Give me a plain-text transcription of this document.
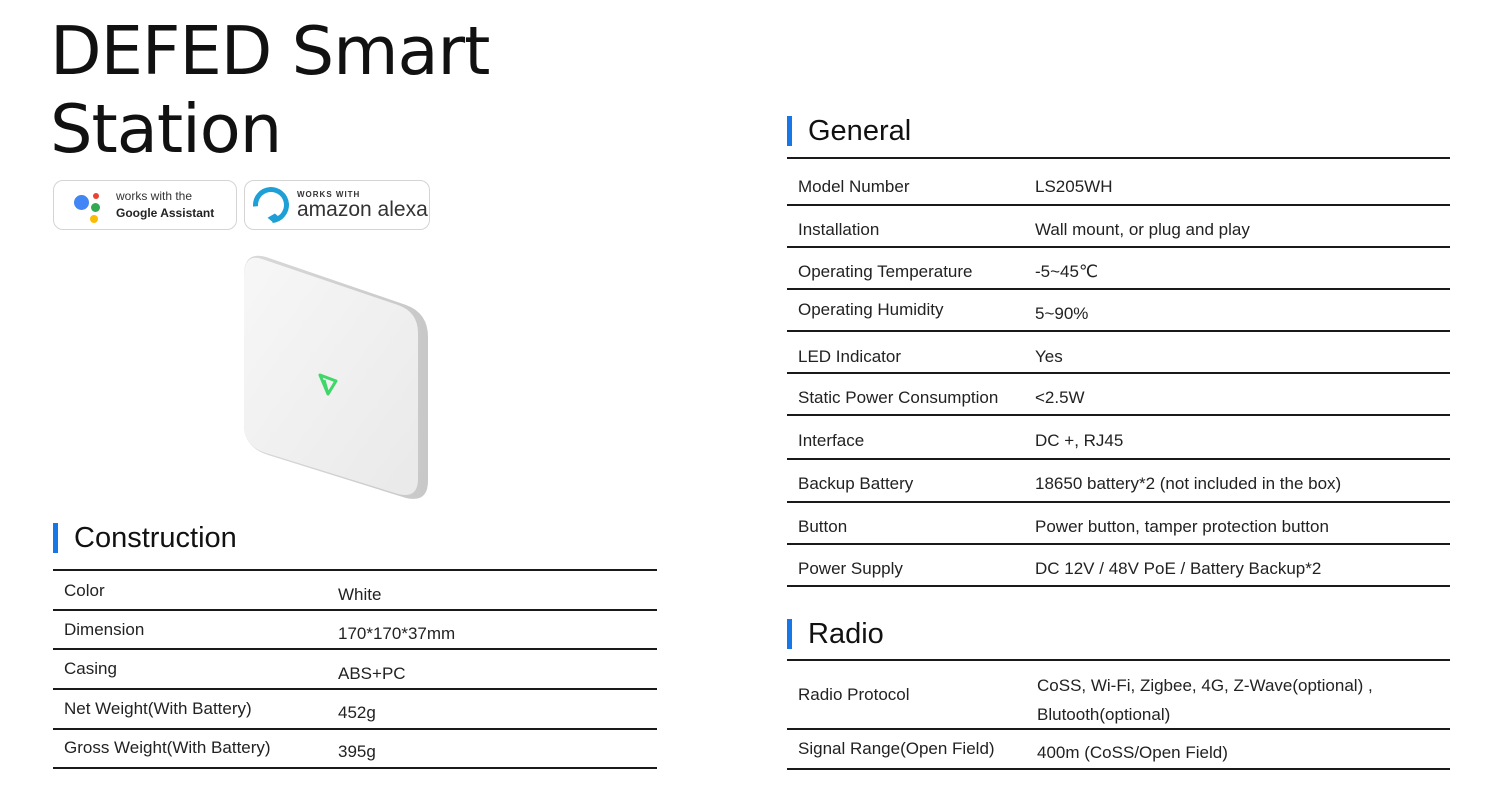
DEFED Smart
Station
works with the
Google Assistant
WORKS WITH
amazon alexa
Construction
Color	White
Dimension	170*170*37mm
Casing	ABS+PC
Net Weight(With Battery)	452g
Gross Weight(With Battery)	395g
General
Model Number	LS205WH
Installation	Wall mount, or plug and play
Operating Temperature	-5~45℃
Operating Humidity	5~90%
LED Indicator	Yes
Static Power Consumption <2.5W
Interface	DC +, RJ45
Backup Battery	18650 battery*2 (not included in the box)
Button	Power button, tamper protection button
Power Supply	DC 12V / 48V PoE / Battery Backup*2
Radio
Radio Protocol	CoSS, Wi-Fi, Zigbee, 4G, Z-Wave(optional) ,
Blutooth(optional)
Signal Range(Open Field) 400m (CoSS/Open Field)
